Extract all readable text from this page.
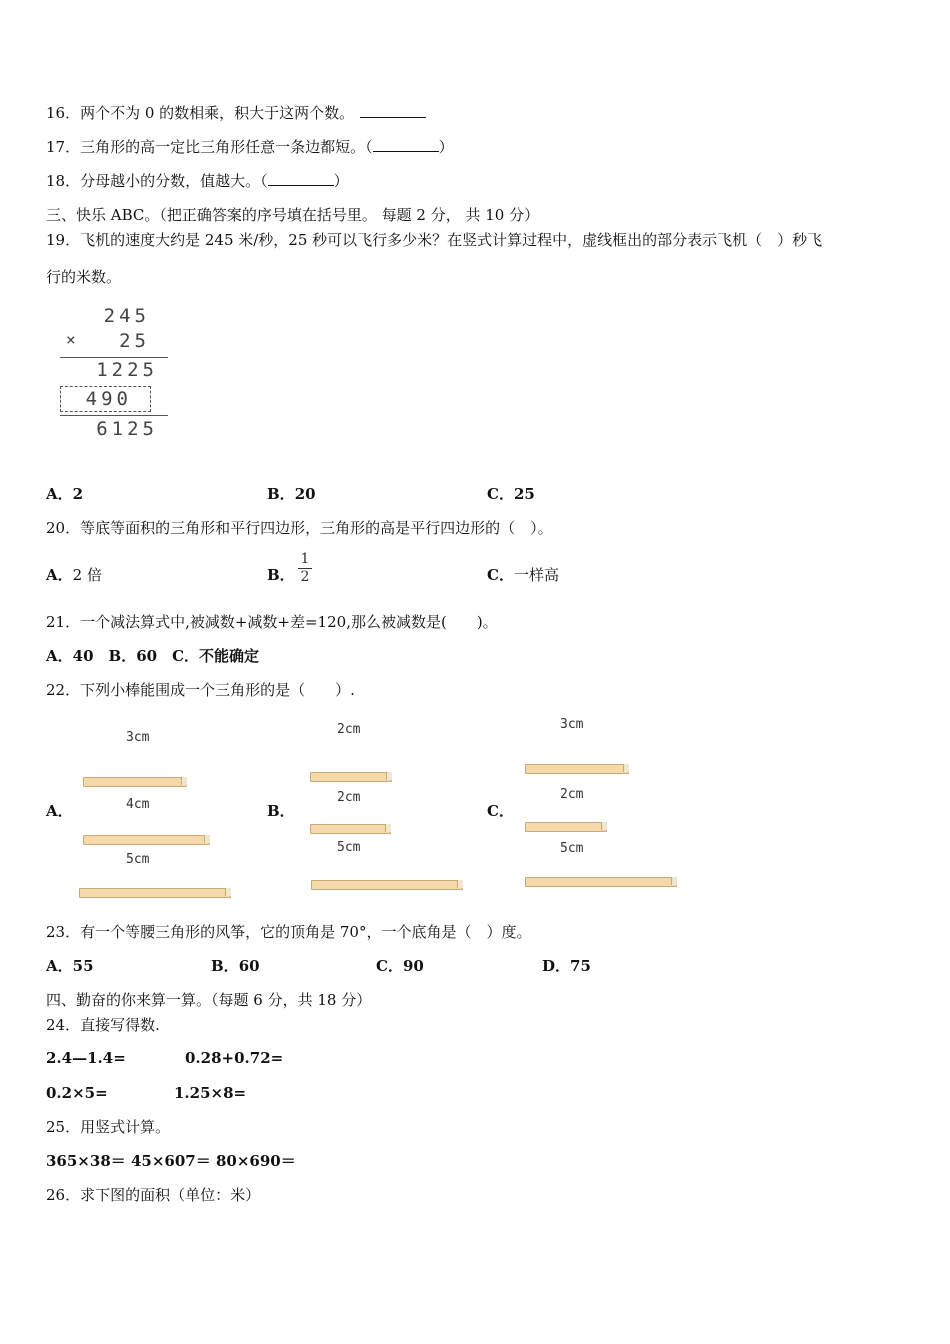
16．两个不为 0 的数相乘，积大于这两个数。
17．三角形的高一定比三角形任意一条边都短。（	）
18．分母越小的分数，值越大。（	）
三、快乐 ABC。（把正确答案的序号填在括号里。 每题 2 分， 共 10 分）
19．飞机的速度大约是 245 米/秒，25 秒可以飞行多少米？在竖式计算过程中，虚线框出的部分表示飞机（　）秒飞
行的米数。
245
× 25
1225
490
6125
A．2	B．20	C．25
20．等底等面积的三角形和平行四边形，三角形的高是平行四边形的（　）。
A．2 倍	B． $\frac{1}{2}$	C．一样高
21．一个减法算式中,被减数+减数+差=120,那么被减数是(　　)。
A．40　B．60　C．不能确定
22．下列小棒能围成一个三角形的是（　　）.
A．
3cm
4cm
5cm
B．
2cm
2cm
5cm
C．
3cm
2cm
5cm
23．有一个等腰三角形的风筝，它的顶角是 70°，一个底角是（　）度。
A．55	B．60	C．90	D．75
四、勤奋的你来算一算。（每题 6 分，共 18 分）
24．直接写得数.
2.4—1.4=	0.28+0.72=
0.2×5=	1.25×8=
25．用竖式计算。
365×38＝ 45×607＝ 80×690＝
26．求下图的面积（单位：米）
